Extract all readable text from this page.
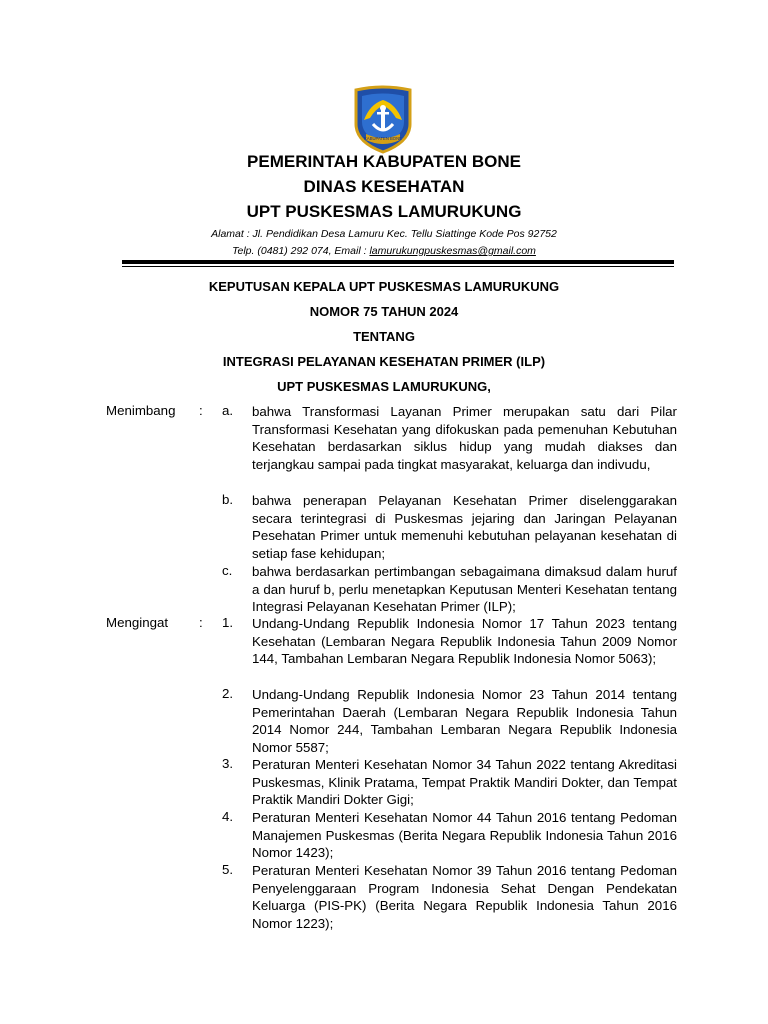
KABUPATEN BONE
PEMERINTAH KABUPATEN BONE
DINAS KESEHATAN
UPT PUSKESMAS LAMURUKUNG
Alamat : Jl. Pendidikan Desa Lamuru Kec. Tellu Siattinge Kode Pos 92752
Telp. (0481) 292 074, Email : lamurukungpuskesmas@gmail.com
KEPUTUSAN KEPALA UPT PUSKESMAS LAMURUKUNG
NOMOR 75 TAHUN 2024
TENTANG
INTEGRASI PELAYANAN KESEHATAN PRIMER (ILP)
UPT PUSKESMAS LAMURUKUNG,
Menimbang : a. bahwa Transformasi Layanan Primer merupakan satu dari Pilar Transformasi Kesehatan yang difokuskan pada pemenuhan Kebutuhan Kesehatan berdasarkan siklus hidup yang mudah diakses dan terjangkau sampai pada tingkat masyarakat, keluarga dan indivudu,
b. bahwa penerapan Pelayanan Kesehatan Primer diselenggarakan secara terintegrasi di Puskesmas jejaring dan Jaringan Pelayanan Pesehatan Primer untuk memenuhi kebutuhan pelayanan kesehatan di setiap fase kehidupan;
c. bahwa berdasarkan pertimbangan sebagaimana dimaksud dalam huruf a dan huruf b, perlu menetapkan Keputusan Menteri Kesehatan tentang Integrasi Pelayanan Kesehatan Primer (ILP);
Mengingat : 1. Undang-Undang Republik Indonesia Nomor 17 Tahun 2023 tentang Kesehatan (Lembaran Negara Republik Indonesia Tahun 2009 Nomor 144, Tambahan Lembaran Negara Republik Indonesia Nomor 5063);
2. Undang-Undang Republik Indonesia Nomor 23 Tahun 2014 tentang Pemerintahan Daerah (Lembaran Negara Republik Indonesia Tahun 2014 Nomor 244, Tambahan Lembaran Negara Republik Indonesia Nomor 5587;
3. Peraturan Menteri Kesehatan Nomor 34 Tahun 2022 tentang Akreditasi Puskesmas, Klinik Pratama, Tempat Praktik Mandiri Dokter, dan Tempat Praktik Mandiri Dokter Gigi;
4. Peraturan Menteri Kesehatan Nomor 44 Tahun 2016 tentang Pedoman Manajemen Puskesmas (Berita Negara Republik Indonesia Tahun 2016 Nomor 1423);
5. Peraturan Menteri Kesehatan Nomor 39 Tahun 2016 tentang Pedoman Penyelenggaraan Program Indonesia Sehat Dengan Pendekatan Keluarga (PIS-PK) (Berita Negara Republik Indonesia Tahun 2016 Nomor 1223);
